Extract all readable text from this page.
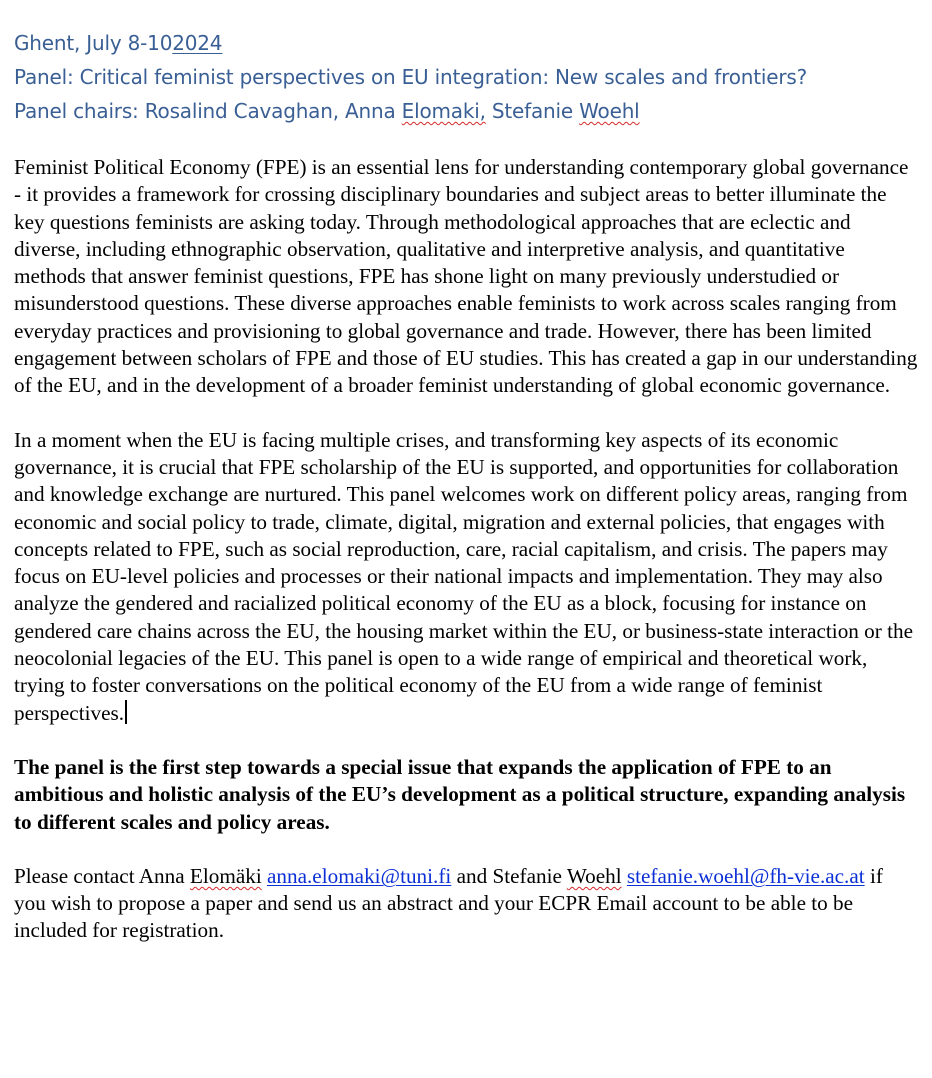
Ghent, July 8-102024
Panel: Critical feminist perspectives on EU integration: New scales and frontiers?
Panel chairs: Rosalind Cavaghan, Anna Elomaki, Stefanie Woehl

Feminist Political Economy (FPE) is an essential lens for understanding contemporary global governance - it provides a framework for crossing disciplinary boundaries and subject areas to better illuminate the key questions feminists are asking today. Through methodological approaches that are eclectic and diverse, including ethnographic observation, qualitative and interpretive analysis, and quantitative methods that answer feminist questions, FPE has shone light on many previously understudied or misunderstood questions. These diverse approaches enable feminists to work across scales ranging from everyday practices and provisioning to global governance and trade. However, there has been limited engagement between scholars of FPE and those of EU studies. This has created a gap in our understanding of the EU, and in the development of a broader feminist understanding of global economic governance.

In a moment when the EU is facing multiple crises, and transforming key aspects of its economic governance, it is crucial that FPE scholarship of the EU is supported, and opportunities for collaboration and knowledge exchange are nurtured. This panel welcomes work on different policy areas, ranging from economic and social policy to trade, climate, digital, migration and external policies, that engages with concepts related to FPE, such as social reproduction, care, racial capitalism, and crisis. The papers may focus on EU-level policies and processes or their national impacts and implementation. They may also analyze the gendered and racialized political economy of the EU as a block, focusing for instance on gendered care chains across the EU, the housing market within the EU, or business-state interaction or the neocolonial legacies of the EU. This panel is open to a wide range of empirical and theoretical work, trying to foster conversations on the political economy of the EU from a wide range of feminist perspectives.

The panel is the first step towards a special issue that expands the application of FPE to an ambitious and holistic analysis of the EU’s development as a political structure, expanding analysis to different scales and policy areas.

Please contact Anna Elomäki anna.elomaki@tuni.fi and Stefanie Woehl stefanie.woehl@fh-vie.ac.at if you wish to propose a paper and send us an abstract and your ECPR Email account to be able to be included for registration.
